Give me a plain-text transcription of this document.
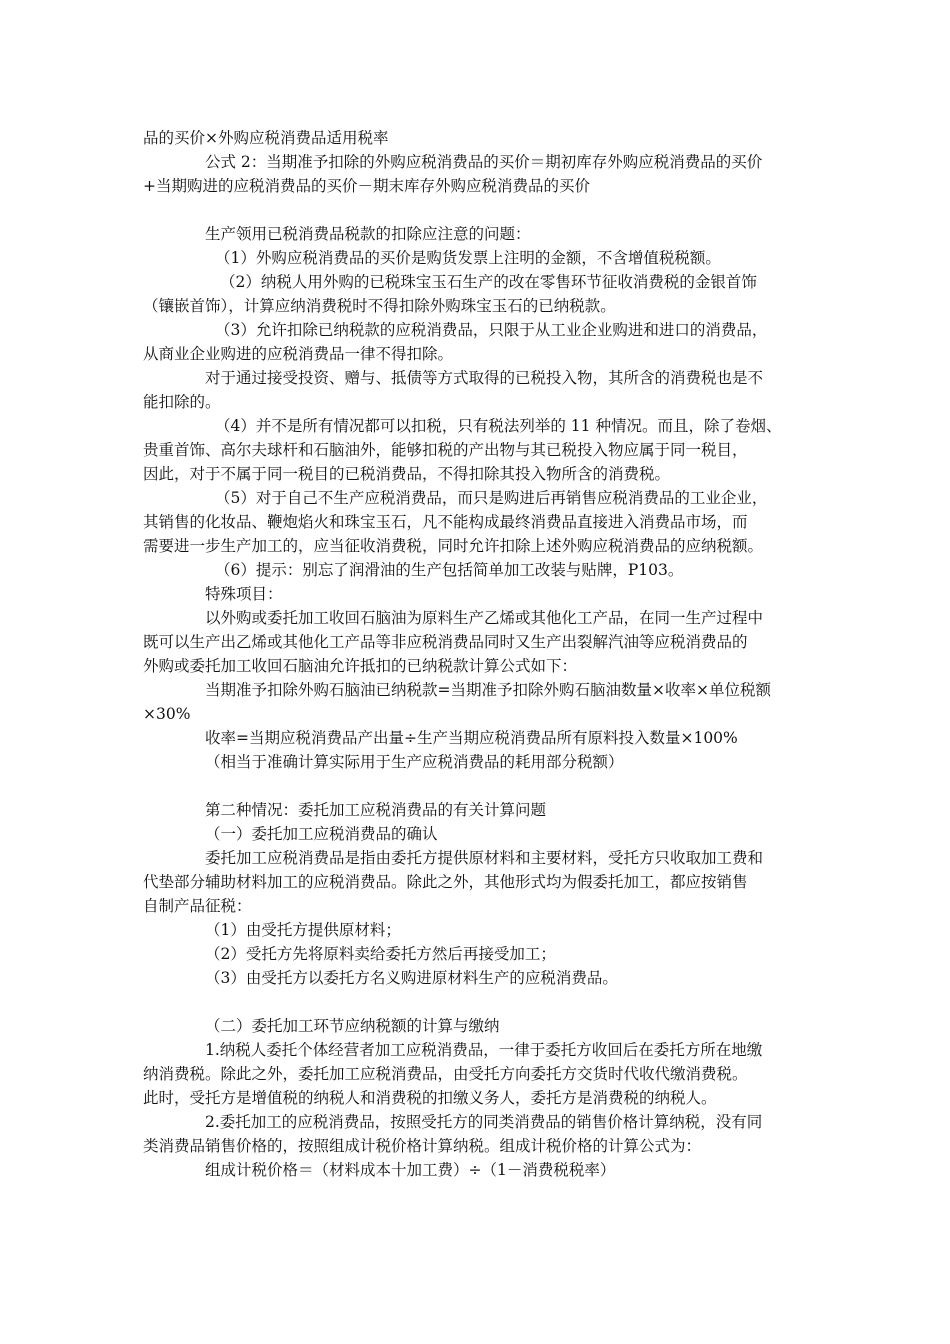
品的买价×外购应税消费品适用税率
公式 2：当期准予扣除的外购应税消费品的买价＝期初库存外购应税消费品的买价
+当期购进的应税消费品的买价－期末库存外购应税消费品的买价
生产领用已税消费品税款的扣除应注意的问题：
（1）外购应税消费品的买价是购货发票上注明的金额，不含增值税税额。
（2）纳税人用外购的已税珠宝玉石生产的改在零售环节征收消费税的金银首饰
（镶嵌首饰），计算应纳消费税时不得扣除外购珠宝玉石的已纳税款。
（3）允许扣除已纳税款的应税消费品，只限于从工业企业购进和进口的消费品，
从商业企业购进的应税消费品一律不得扣除。
对于通过接受投资、赠与、抵债等方式取得的已税投入物，其所含的消费税也是不
能扣除的。
（4）并不是所有情况都可以扣税，只有税法列举的 11 种情况。而且，除了卷烟、
贵重首饰、高尔夫球杆和石脑油外，能够扣税的产出物与其已税投入物应属于同一税目，
因此，对于不属于同一税目的已税消费品，不得扣除其投入物所含的消费税。
（5）对于自己不生产应税消费品，而只是购进后再销售应税消费品的工业企业，
其销售的化妆品、鞭炮焰火和珠宝玉石，凡不能构成最终消费品直接进入消费品市场，而
需要进一步生产加工的，应当征收消费税，同时允许扣除上述外购应税消费品的应纳税额。
（6）提示：别忘了润滑油的生产包括简单加工改装与贴牌，P103。
特殊项目：
以外购或委托加工收回石脑油为原料生产乙烯或其他化工产品，在同一生产过程中
既可以生产出乙烯或其他化工产品等非应税消费品同时又生产出裂解汽油等应税消费品的
外购或委托加工收回石脑油允许抵扣的已纳税款计算公式如下：
当期准予扣除外购石脑油已纳税款=当期准予扣除外购石脑油数量×收率×单位税额
×30%
收率=当期应税消费品产出量÷生产当期应税消费品所有原料投入数量×100%
（相当于准确计算实际用于生产应税消费品的耗用部分税额）
第二种情况：委托加工应税消费品的有关计算问题
（一）委托加工应税消费品的确认
委托加工应税消费品是指由委托方提供原材料和主要材料，受托方只收取加工费和
代垫部分辅助材料加工的应税消费品。除此之外，其他形式均为假委托加工，都应按销售
自制产品征税：
（1）由受托方提供原材料；
（2）受托方先将原料卖给委托方然后再接受加工；
（3）由受托方以委托方名义购进原材料生产的应税消费品。
（二）委托加工环节应纳税额的计算与缴纳
1.纳税人委托个体经营者加工应税消费品，一律于委托方收回后在委托方所在地缴
纳消费税。除此之外，委托加工应税消费品，由受托方向委托方交货时代收代缴消费税。
此时，受托方是增值税的纳税人和消费税的扣缴义务人，委托方是消费税的纳税人。
2.委托加工的应税消费品，按照受托方的同类消费品的销售价格计算纳税，没有同
类消费品销售价格的，按照组成计税价格计算纳税。组成计税价格的计算公式为：
组成计税价格＝（材料成本十加工费）÷（1－消费税税率）
